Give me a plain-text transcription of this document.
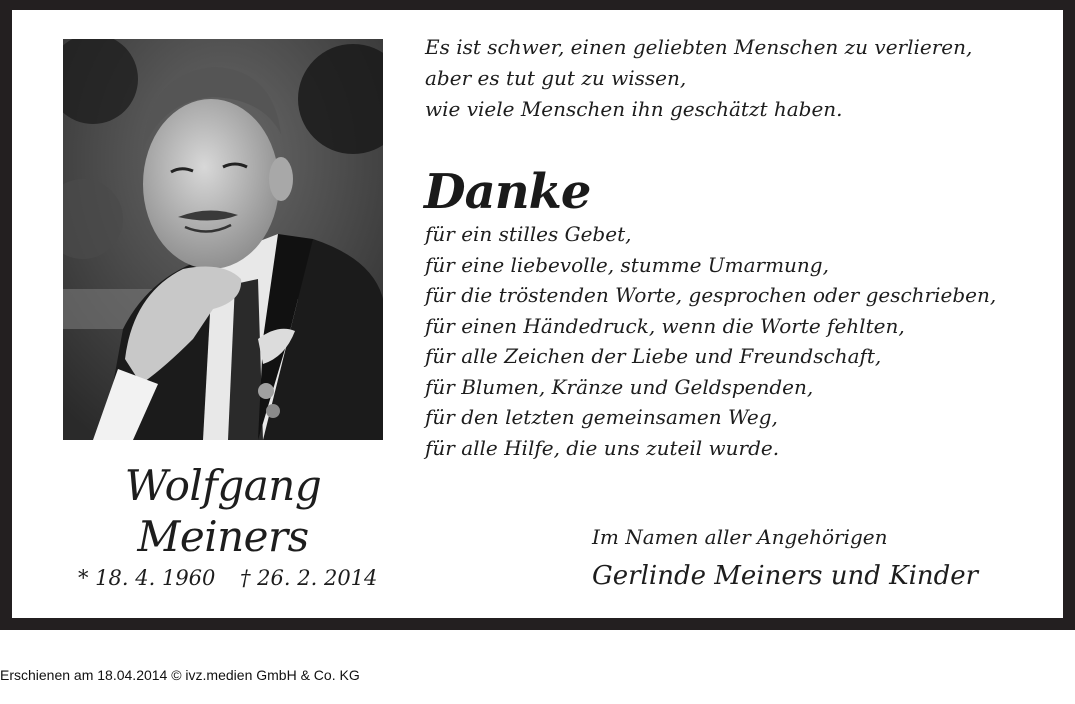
Wolfgang
Meiners
* 18. 4. 1960 † 26. 2. 2014
Es ist schwer, einen geliebten Menschen zu verlieren,
aber es tut gut zu wissen,
wie viele Menschen ihn geschätzt haben.
Danke
für ein stilles Gebet,
für eine liebevolle, stumme Umarmung,
für die tröstenden Worte, gesprochen oder geschrieben,
für einen Händedruck, wenn die Worte fehlten,
für alle Zeichen der Liebe und Freundschaft,
für Blumen, Kränze und Geldspenden,
für den letzten gemeinsamen Weg,
für alle Hilfe, die uns zuteil wurde.
Im Namen aller Angehörigen
Gerlinde Meiners und Kinder
Erschienen am 18.04.2014 © ivz.medien GmbH & Co. KG
